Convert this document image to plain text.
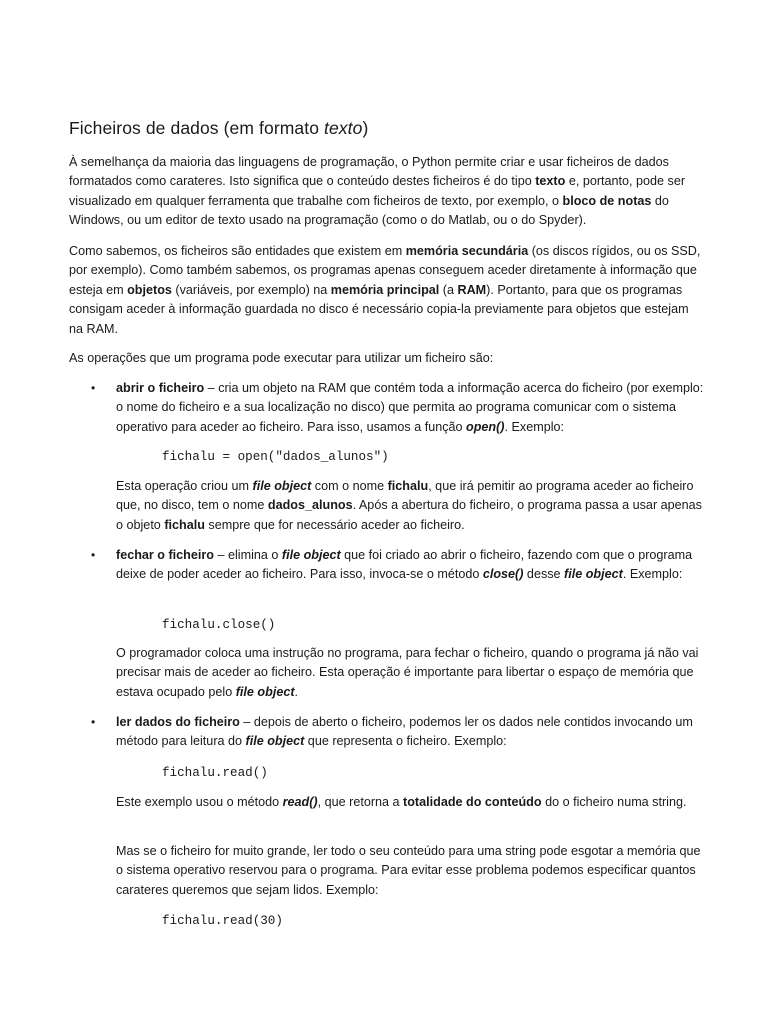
Ficheiros de dados (em formato texto)

À semelhança da maioria das linguagens de programação, o Python permite criar e usar ficheiros de dados formatados como carateres. Isto significa que o conteúdo destes ficheiros é do tipo texto e, portanto, pode ser visualizado em qualquer ferramenta que trabalhe com ficheiros de texto, por exemplo, o bloco de notas do Windows, ou um editor de texto usado na programação (como o do Matlab, ou o do Spyder).

Como sabemos, os ficheiros são entidades que existem em memória secundária (os discos rígidos, ou os SSD, por exemplo). Como também sabemos, os programas apenas conseguem aceder diretamente à informação que esteja em objetos (variáveis, por exemplo) na memória principal (a RAM). Portanto, para que os programas consigam aceder à informação guardada no disco é necessário copia-la previamente para objetos que estejam na RAM.

As operações que um programa pode executar para utilizar um ficheiro são:

• abrir o ficheiro – cria um objeto na RAM que contém toda a informação acerca do ficheiro (por exemplo: o nome do ficheiro e a sua localização no disco) que permita ao programa comunicar com o sistema operativo para aceder ao ficheiro. Para isso, usamos a função open(). Exemplo:

fichalu = open("dados_alunos")

Esta operação criou um file object com o nome fichalu, que irá pemitir ao programa aceder ao ficheiro que, no disco, tem o nome dados_alunos. Após a abertura do ficheiro, o programa passa a usar apenas o objeto fichalu sempre que for necessário aceder ao ficheiro.

• fechar o ficheiro – elimina o file object que foi criado ao abrir o ficheiro, fazendo com que o programa deixe de poder aceder ao ficheiro. Para isso, invoca-se o método close() desse file object. Exemplo:

fichalu.close()

O programador coloca uma instrução no programa, para fechar o ficheiro, quando o programa já não vai precisar mais de aceder ao ficheiro. Esta operação é importante para libertar o espaço de memória que estava ocupado pelo file object.

• ler dados do ficheiro – depois de aberto o ficheiro, podemos ler os dados nele contidos invocando um método para leitura do file object que representa o ficheiro. Exemplo:

fichalu.read()

Este exemplo usou o método read(), que retorna a totalidade do conteúdo do o ficheiro numa string.

Mas se o ficheiro for muito grande, ler todo o seu conteúdo para uma string pode esgotar a memória que o sistema operativo reservou para o programa. Para evitar esse problema podemos especificar quantos carateres queremos que sejam lidos. Exemplo:

fichalu.read(30)
